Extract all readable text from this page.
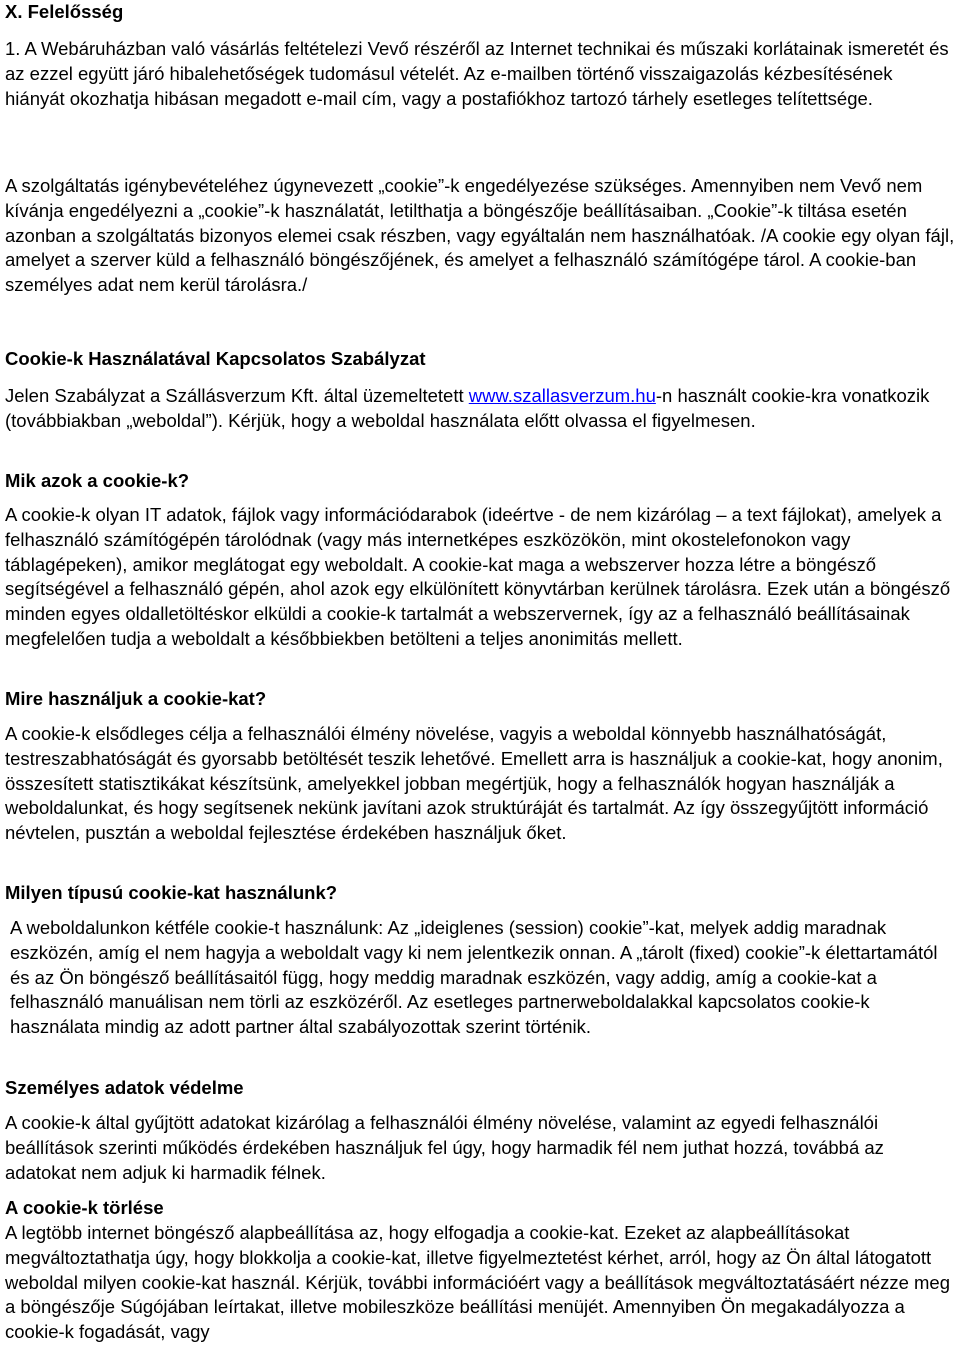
X. Felelősség

1. A Webáruházban való vásárlás feltételezi Vevő részéről az Internet technikai és műszaki korlátainak ismeretét és az ezzel együtt járó hibalehetőségek tudomásul vételét. Az e-mailben történő visszaigazolás kézbesítésének hiányát okozhatja hibásan megadott e-mail cím, vagy a postafiókhoz tartozó tárhely esetleges telítettsége.

A szolgáltatás igénybevételéhez úgynevezett „cookie”-k engedélyezése szükséges. Amennyiben nem Vevő nem kívánja engedélyezni a „cookie”-k használatát, letilthatja a böngészője beállításaiban. „Cookie”-k tiltása esetén azonban a szolgáltatás bizonyos elemei csak részben, vagy egyáltalán nem használhatóak. /A cookie egy olyan fájl, amelyet a szerver küld a felhasználó böngészőjének, és amelyet a felhasználó számítógépe tárol. A cookie-ban személyes adat nem kerül tárolásra./

Cookie-k Használatával Kapcsolatos Szabályzat

Jelen Szabályzat a Szállásverzum Kft. által üzemeltetett www.szallasverzum.hu-n használt cookie-kra vonatkozik (továbbiakban „weboldal”). Kérjük, hogy a weboldal használata előtt olvassa el figyelmesen.

Mik azok a cookie-k?

A cookie-k olyan IT adatok, fájlok vagy információdarabok (ideértve - de nem kizárólag – a text fájlokat), amelyek a felhasználó számítógépén tárolódnak (vagy más internetképes eszközökön, mint okostelefonokon vagy táblagépeken), amikor meglátogat egy weboldalt. A cookie-kat maga a webszerver hozza létre a böngésző segítségével a felhasználó gépén, ahol azok egy elkülönített könyvtárban kerülnek tárolásra. Ezek után a böngésző minden egyes oldalletöltéskor elküldi a cookie-k tartalmát a webszervernek, így az a felhasználó beállításainak megfelelően tudja a weboldalt a későbbiekben betölteni a teljes anonimitás mellett.

Mire használjuk a cookie-kat?

A cookie-k elsődleges célja a felhasználói élmény növelése, vagyis a weboldal könnyebb használhatóságát, testreszabhatóságát és gyorsabb betöltését teszik lehetővé. Emellett arra is használjuk a cookie-kat, hogy anonim, összesített statisztikákat készítsünk, amelyekkel jobban megértjük, hogy a felhasználók hogyan használják a weboldalunkat, és hogy segítsenek nekünk javítani azok struktúráját és tartalmát. Az így összegyűjtött információ névtelen, pusztán a weboldal fejlesztése érdekében használjuk őket.

Milyen típusú cookie-kat használunk?

A weboldalunkon kétféle cookie-t használunk: Az „ideiglenes (session) cookie”-kat, melyek addig maradnak eszközén, amíg el nem hagyja a weboldalt vagy ki nem jelentkezik onnan. A „tárolt (fixed) cookie”-k élettartamától és az Ön böngésző beállításaitól függ, hogy meddig maradnak eszközén, vagy addig, amíg a cookie-kat a felhasználó manuálisan nem törli az eszközéről. Az esetleges partnerweboldalakkal kapcsolatos cookie-k használata mindig az adott partner által szabályozottak szerint történik.

Személyes adatok védelme

A cookie-k által gyűjtött adatokat kizárólag a felhasználói élmény növelése, valamint az egyedi felhasználói beállítások szerinti működés érdekében használjuk fel úgy, hogy harmadik fél nem juthat hozzá, továbbá az adatokat nem adjuk ki harmadik félnek.

A cookie-k törlése

A legtöbb internet böngésző alapbeállítása az, hogy elfogadja a cookie-kat. Ezeket az alapbeállításokat megváltoztathatja úgy, hogy blokkolja a cookie-kat, illetve figyelmeztetést kérhet, arról, hogy az Ön által látogatott weboldal milyen cookie-kat használ. Kérjük, további információért vagy a beállítások megváltoztatásáért nézze meg a böngészője Súgójában leírtakat, illetve mobileszköze beállítási menüjét. Amennyiben Ön megakadályozza a cookie-k fogadását, vagy
